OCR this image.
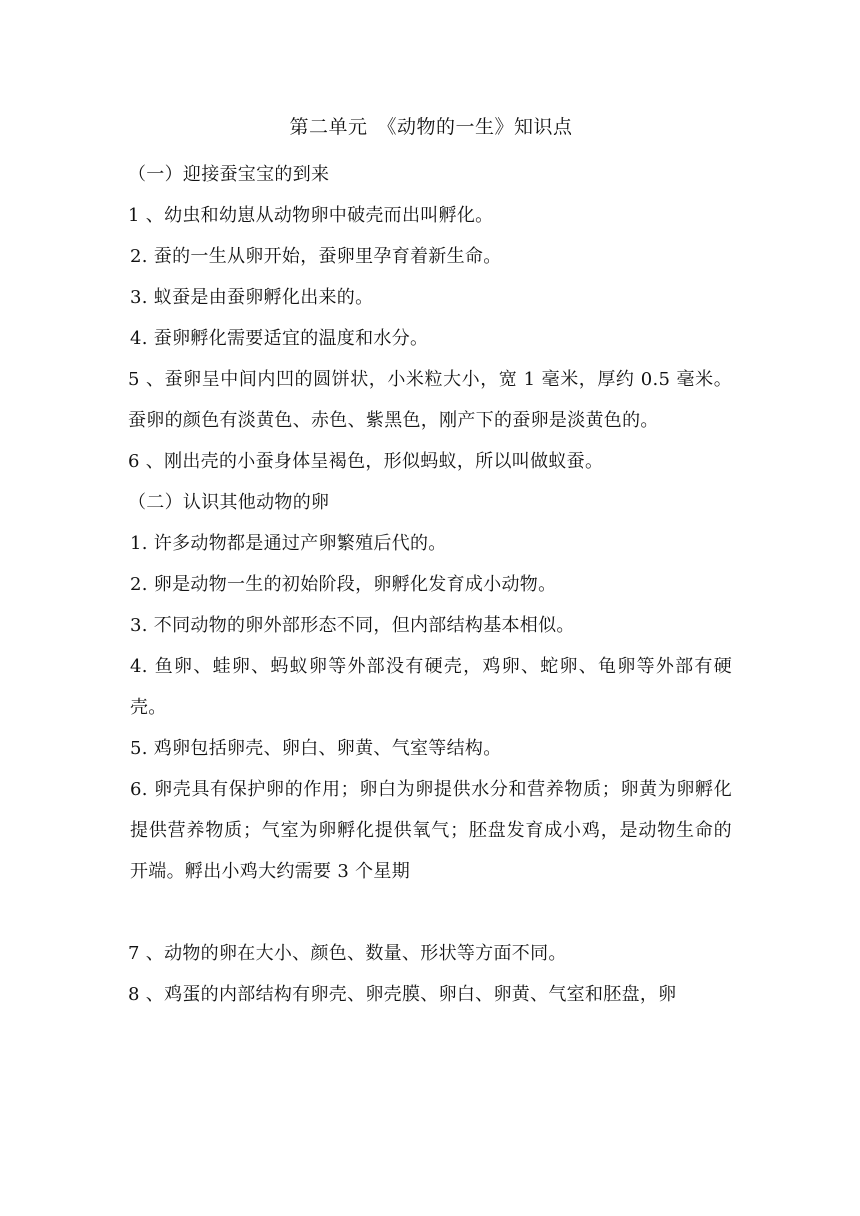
第二单元　《动物的一生》知识点

（一）迎接蚕宝宝的到来

1 、幼虫和幼崽从动物卵中破壳而出叫孵化。

2. 蚕的一生从卵开始，蚕卵里孕育着新生命。

3. 蚁蚕是由蚕卵孵化出来的。

4. 蚕卵孵化需要适宜的温度和水分。

5 、蚕卵呈中间内凹的圆饼状，小米粒大小，宽 1 毫米，厚约 0.5 毫米。蚕卵的颜色有淡黄色、赤色、紫黑色，刚产下的蚕卵是淡黄色的。

6 、刚出壳的小蚕身体呈褐色，形似蚂蚁，所以叫做蚁蚕。

（二）认识其他动物的卵

1. 许多动物都是通过产卵繁殖后代的。

2. 卵是动物一生的初始阶段，卵孵化发育成小动物。

3. 不同动物的卵外部形态不同，但内部结构基本相似。

4. 鱼卵、蛙卵、蚂蚁卵等外部没有硬壳，鸡卵、蛇卵、龟卵等外部有硬壳。

5. 鸡卵包括卵壳、卵白、卵黄、气室等结构。

6. 卵壳具有保护卵的作用；卵白为卵提供水分和营养物质；卵黄为卵孵化提供营养物质；气室为卵孵化提供氧气；胚盘发育成小鸡，是动物生命的开端。孵出小鸡大约需要 3 个星期

7 、动物的卵在大小、颜色、数量、形状等方面不同。

8 、鸡蛋的内部结构有卵壳、卵壳膜、卵白、卵黄、气室和胚盘，卵
